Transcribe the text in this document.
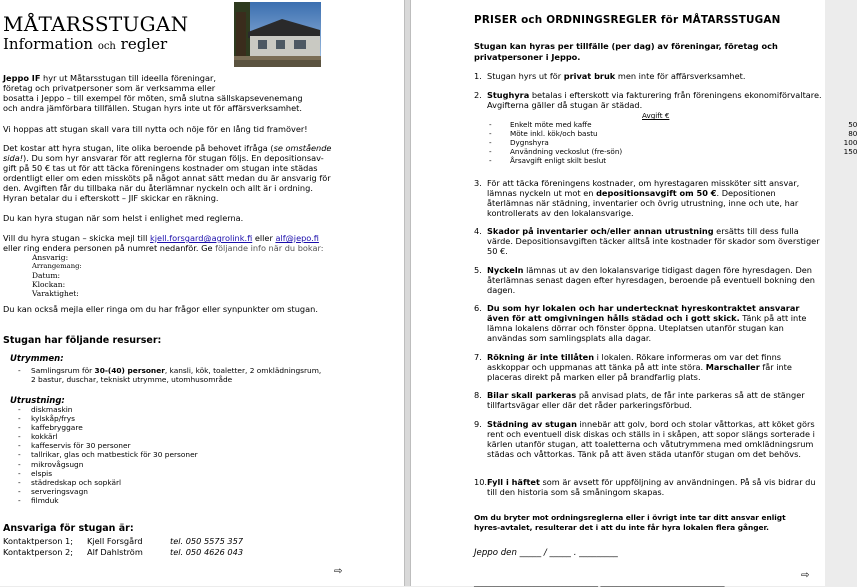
MÅTARSSTUGAN
Information och regler
Jeppo IF hyr ut Måtarsstugan till ideella föreningar,
företag och privatpersoner som är verksamma eller
bosatta i Jeppo – till exempel för möten, små slutna sällskapsevenemang
och andra jämförbara tillfällen. Stugan hyrs inte ut för affärsverksamhet.
Vi hoppas att stugan skall vara till nytta och nöje för en lång tid framöver!
Det kostar att hyra stugan, lite olika beroende på behovet ifråga (se omstående
sida!). Du som hyr ansvarar för att reglerna för stugan följs. En depositionsav-
gift på 50 € tas ut för att täcka föreningens kostnader om stugan inte städas
ordentligt eller om eden missköts på något annat sätt medan du är ansvarig för
den. Avgiften får du tillbaka när du återlämnar nyckeln och allt är i ordning.
Hyran betalar du i efterskott – JIF skickar en räkning.
Du kan hyra stugan när som helst i enlighet med reglerna.
Vill du hyra stugan – skicka mejl till kjell.forsgard@agrolink.fi eller alf@jepo.fi
eller ring endera personen på numret nedanför. Ge följande info när du bokar:
Ansvarig:
Arrangemang:
Datum:
Klockan:
Varaktighet:
Du kan också mejla eller ringa om du har frågor eller synpunkter om stugan.
Stugan har följande resurser:
Utrymmen:
- Samlingsrum för 30-(40) personer, kansli, kök, toaletter, 2 omklädningsrum,
2 bastur, duschar, tekniskt utrymme, utomhusområde
Utrustning:
- diskmaskin
- kylskåp/frys
- kaffebryggare
- kokkärl
- kaffeservis för 30 personer
- tallrikar, glas och matbestick för 30 personer
- mikrovågsugn
- elspis
- städredskap och sopkärl
- serveringsvagn
- filmduk
Ansvariga för stugan är:
Kontaktperson 1; Kjell Forsgård	tel. 050 5575 357
Kontaktperson 2; Alf Dahlström	tel. 050 4626 043
⇨
PRISER och ORDNINGSREGLER för MÅTARSSTUGAN
Stugan kan hyras per tillfälle (per dag) av föreningar, företag och privatpersoner i Jeppo.
1. Stugan hyrs ut för privat bruk men inte för affärsverksamhet.
2. Stughyra betalas i efterskott via fakturering från föreningens ekonomiförvaltare. Avgifterna gäller då stugan är städad.
Avgift €
-	Enkelt möte med kaffe	50
-	Möte inkl. kök/och bastu	80
-	Dygnshyra	100
-	Användning veckoslut (fre-sön)	150
-	Årsavgift enligt skilt beslut
3. För att täcka föreningens kostnader, om hyrestagaren missköter sitt ansvar, lämnas nyckeln ut mot en depositionsavgift om 50 €. Depositionen återlämnas när städning, inventarier och övrig utrustning, inne och ute, har kontrollerats av den lokalansvarige.
4. Skador på inventarier och/eller annan utrustning ersätts till dess fulla värde. Depositionsavgiften täcker alltså inte kostnader för skador som överstiger 50 €.
5. Nyckeln lämnas ut av den lokalansvarige tidigast dagen före hyresdagen. Den återlämnas senast dagen efter hyresdagen, beroende på eventuell bokning den dagen.
6. Du som hyr lokalen och har undertecknat hyreskontraktet ansvarar även för att omgivningen hålls städad och i gott skick. Tänk på att inte lämna lokalens dörrar och fönster öppna. Uteplatsen utanför stugan kan användas som samlingsplats alla dagar.
7. Rökning är inte tillåten i lokalen. Rökare informeras om var det finns askkoppar och uppmanas att tänka på att inte störa. Marschaller får inte placeras direkt på marken eller på brandfarlig plats.
8. Bilar skall parkeras på anvisad plats, de får inte parkeras så att de stänger tillfartsvägar eller där det råder parkeringsförbud.
9. Städning av stugan innebär att golv, bord och stolar våttorkas, att köket görs rent och eventuell disk diskas och ställs in i skåpen, att sopor slängs sorterade i kärlen utanför stugan, att toaletterna och våtutrymmena med omklädningsrum städas och våttorkas. Tänk på att även städa utanför stugan om det behövs.
10. Fyll i häftet som är avsett för uppföljning av användningen. På så vis bidrar du till den historia som så småningom skapas.
Om du bryter mot ordningsreglerna eller i övrigt inte tar ditt ansvar enligt hyres-avtalet, resulterar det i att du inte får hyra lokalen flera gånger.
Jeppo den _____ / _____ . _________
_______________________________ _______________________________
⇨
